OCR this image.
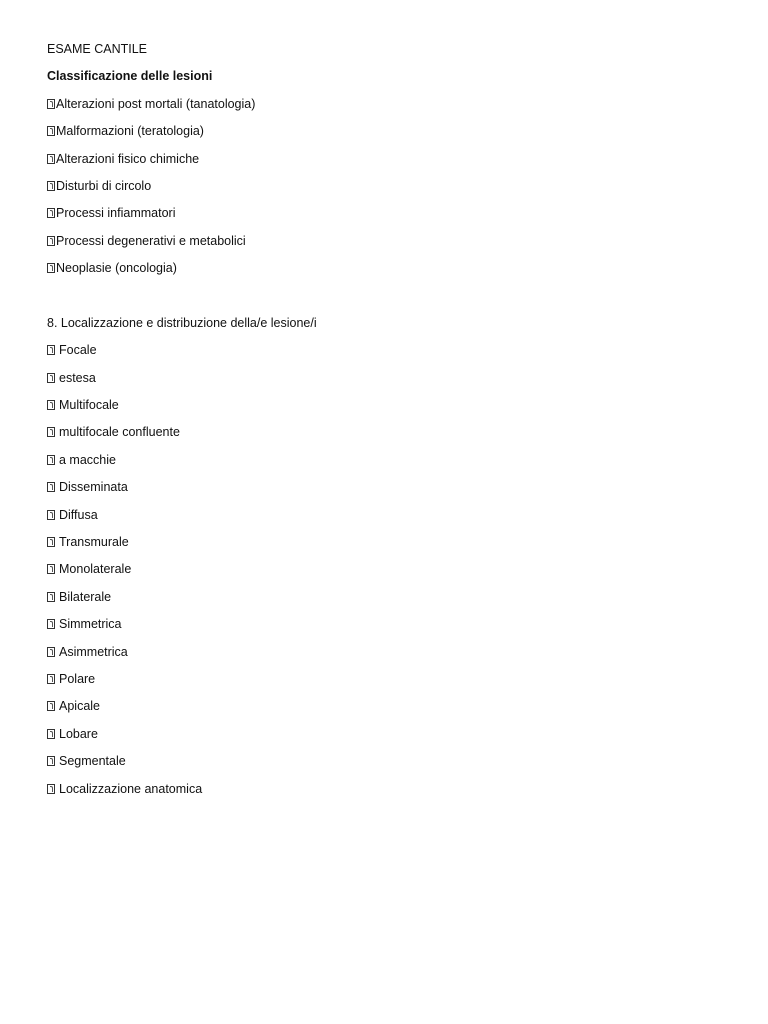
ESAME CANTILE
Classificazione delle lesioni
Alterazioni post mortali (tanatologia)
Malformazioni (teratologia)
Alterazioni fisico chimiche
Disturbi di circolo
Processi infiammatori
Processi degenerativi e metabolici
Neoplasie (oncologia)
8. Localizzazione e distribuzione della/e lesione/i
Focale
estesa
Multifocale
multifocale confluente
a macchie
Disseminata
Diffusa
Transmurale
Monolaterale
Bilaterale
Simmetrica
Asimmetrica
Polare
Apicale
Lobare
Segmentale
Localizzazione anatomica
